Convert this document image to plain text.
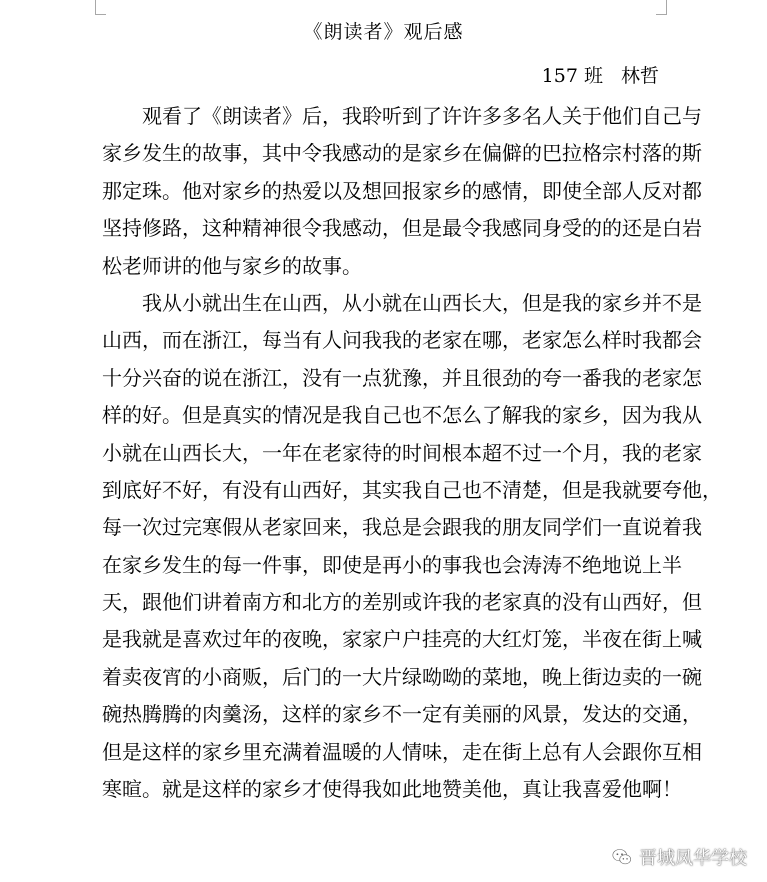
《朗读者》观后感
157 班 林哲
观看了《朗读者》后，我聆听到了许许多多名人关于他们自己与
家乡发生的故事，其中令我感动的是家乡在偏僻的巴拉格宗村落的斯
那定珠。他对家乡的热爱以及想回报家乡的感情，即使全部人反对都
坚持修路，这种精神很令我感动，但是最令我感同身受的的还是白岩
松老师讲的他与家乡的故事。
我从小就出生在山西，从小就在山西长大，但是我的家乡并不是
山西，而在浙江，每当有人问我我的老家在哪，老家怎么样时我都会
十分兴奋的说在浙江，没有一点犹豫，并且很劲的夸一番我的老家怎
样的好。但是真实的情况是我自己也不怎么了解我的家乡，因为我从
小就在山西长大，一年在老家待的时间根本超不过一个月，我的老家
到底好不好，有没有山西好，其实我自己也不清楚，但是我就要夸他，
每一次过完寒假从老家回来，我总是会跟我的朋友同学们一直说着我
在家乡发生的每一件事，即使是再小的事我也会涛涛不绝地说上半
天，跟他们讲着南方和北方的差别或许我的老家真的没有山西好，但
是我就是喜欢过年的夜晚，家家户户挂亮的大红灯笼，半夜在街上喊
着卖夜宵的小商贩，后门的一大片绿呦呦的菜地，晚上街边卖的一碗
碗热腾腾的肉羹汤，这样的家乡不一定有美丽的风景，发达的交通，
但是这样的家乡里充满着温暖的人情味，走在街上总有人会跟你互相
寒暄。就是这样的家乡才使得我如此地赞美他，真让我喜爱他啊！
晋城凤华学校
